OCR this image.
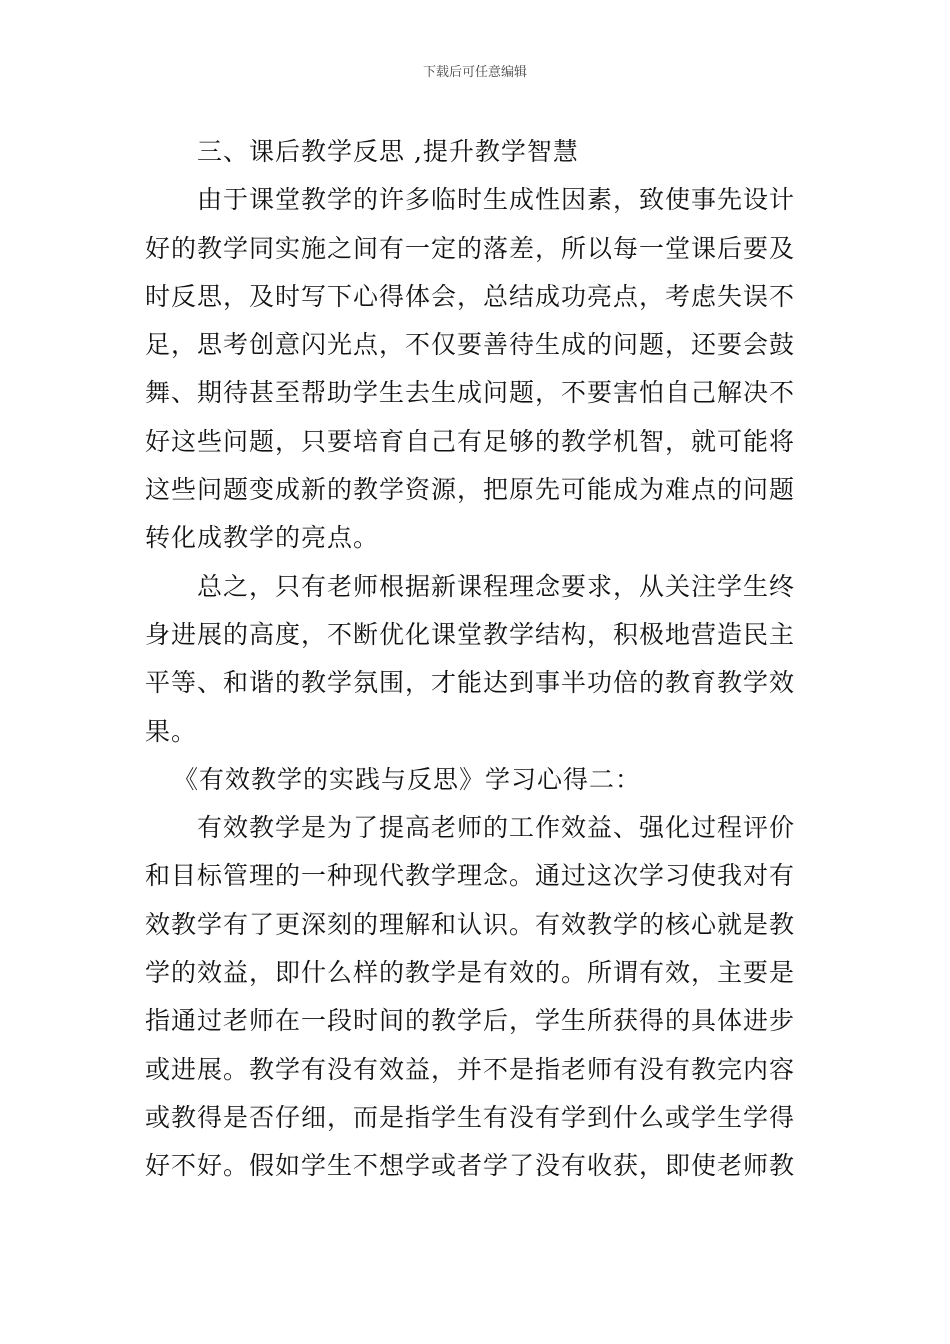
下载后可任意编辑

三、课后教学反思 ,提升教学智慧

由于课堂教学的许多临时生成性因素，致使事先设计好的教学同实施之间有一定的落差，所以每一堂课后要及时反思，及时写下心得体会，总结成功亮点，考虑失误不足，思考创意闪光点，不仅要善待生成的问题，还要会鼓舞、期待甚至帮助学生去生成问题，不要害怕自己解决不好这些问题，只要培育自己有足够的教学机智，就可能将这些问题变成新的教学资源，把原先可能成为难点的问题转化成教学的亮点。

总之，只有老师根据新课程理念要求，从关注学生终身进展的高度，不断优化课堂教学结构，积极地营造民主平等、和谐的教学氛围，才能达到事半功倍的教育教学效果。

《有效教学的实践与反思》学习心得二：

有效教学是为了提高老师的工作效益、强化过程评价和目标管理的一种现代教学理念。通过这次学习使我对有效教学有了更深刻的理解和认识。有效教学的核心就是教学的效益，即什么样的教学是有效的。所谓有效，主要是指通过老师在一段时间的教学后，学生所获得的具体进步或进展。教学有没有效益，并不是指老师有没有教完内容或教得是否仔细，而是指学生有没有学到什么或学生学得好不好。假如学生不想学或者学了没有收获，即使老师教
